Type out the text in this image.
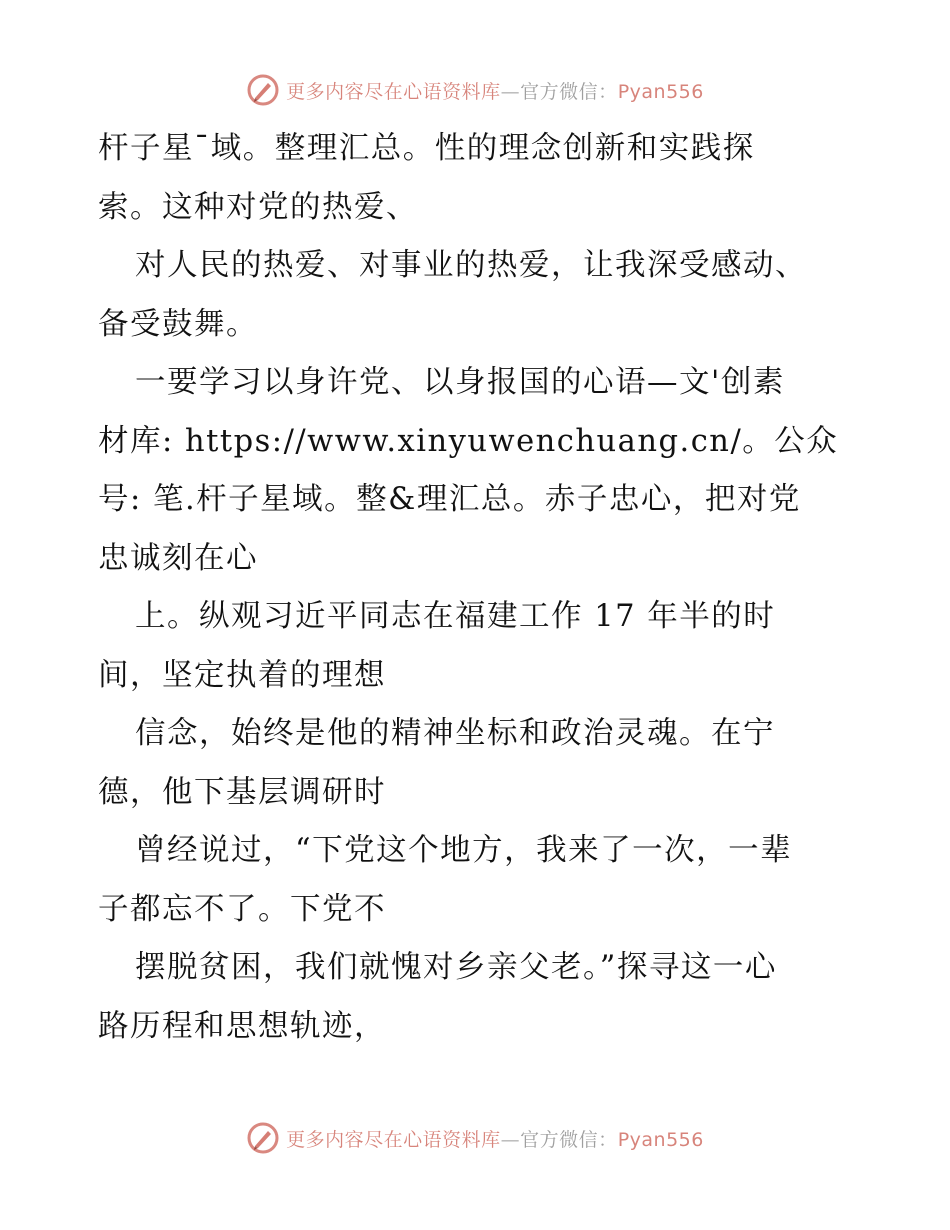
更多内容尽在心语资料库—官方微信：Pyan556
杆子星¯域。整理汇总。性的理念创新和实践探
索。这种对党的热爱、
对人民的热爱、对事业的热爱，让我深受感动、
备受鼓舞。
一要学习以身许党、以身报国的心语—文'创素
材库: https://www.xinyuwenchuang.cn/。公众
号: 笔.杆子星域。整&理汇总。赤子忠心，把对党
忠诚刻在心
上。纵观习近平同志在福建工作 17 年半的时
间，坚定执着的理想
信念，始终是他的精神坐标和政治灵魂。在宁
德，他下基层调研时
曾经说过，“下党这个地方，我来了一次，一辈
子都忘不了。下党不
摆脱贫困，我们就愧对乡亲父老。”探寻这一心
路历程和思想轨迹，
更多内容尽在心语资料库—官方微信：Pyan556
